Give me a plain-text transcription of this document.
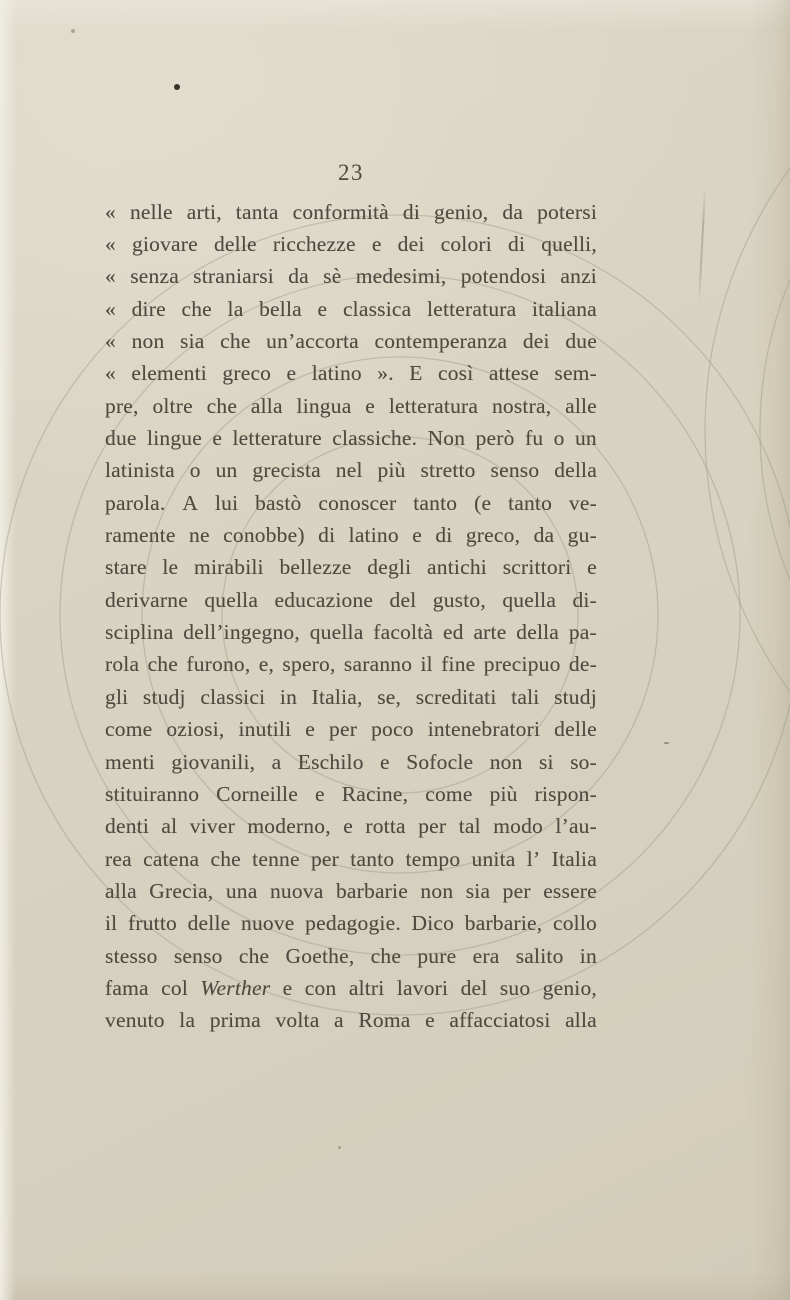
23
« nelle arti, tanta conformità di genio, da potersi
« giovare delle ricchezze e dei colori di quelli,
« senza straniarsi da sè medesimi, potendosi anzi
« dire che la bella e classica letteratura italiana
« non sia che un’accorta contemperanza dei due
« elementi greco e latino ». E così attese sem-
pre, oltre che alla lingua e letteratura nostra, alle
due lingue e letterature classiche. Non però fu o un
latinista o un grecista nel più stretto senso della
parola. A lui bastò conoscer tanto (e tanto ve-
ramente ne conobbe) di latino e di greco, da gu-
stare le mirabili bellezze degli antichi scrittori e
derivarne quella educazione del gusto, quella di-
sciplina dell’ingegno, quella facoltà ed arte della pa-
rola che furono, e, spero, saranno il fine precipuo de-
gli studj classici in Italia, se, screditati tali studj
come oziosi, inutili e per poco intenebratori delle
menti giovanili, a Eschilo e Sofocle non si so-
stituiranno Corneille e Racine, come più rispon-
denti al viver moderno, e rotta per tal modo l’au-
rea catena che tenne per tanto tempo unita l’ Italia
alla Grecia, una nuova barbarie non sia per essere
il frutto delle nuove pedagogie. Dico barbarie, collo
stesso senso che Goethe, che pure era salito in
fama col Werther e con altri lavori del suo genio,
venuto la prima volta a Roma e affacciatosi alla
